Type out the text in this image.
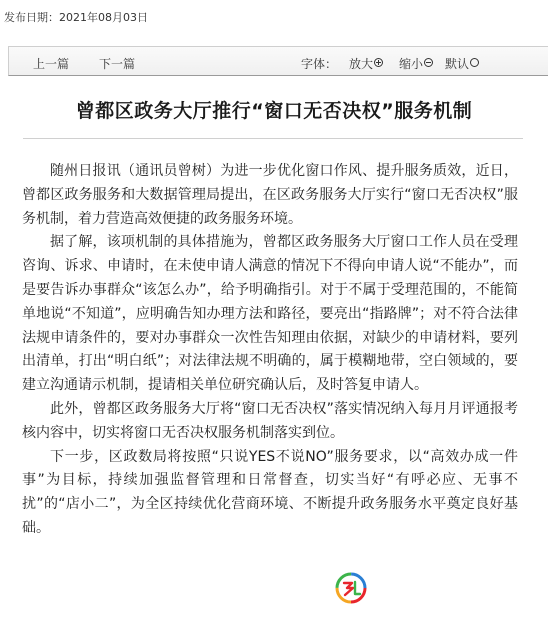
发布日期：2021年08月03日
上一篇 下一篇	字体： 放大	缩小	默认
曾都区政务大厅推行“窗口无否决权”服务机制

随州日报讯（通讯员曾树）为进一步优化窗口作风、提升服务质效，近日，曾都区政务服务和大数据管理局提出，在区政务服务大厅实行“窗口无否决权”服务机制，着力营造高效便捷的政务服务环境。

据了解，该项机制的具体措施为，曾都区政务服务大厅窗口工作人员在受理咨询、诉求、申请时，在未使申请人满意的情况下不得向申请人说“不能办”，而是要告诉办事群众“该怎么办”，给予明确指引。对于不属于受理范围的，不能简单地说“不知道”，应明确告知办理方法和路径，要亮出“指路牌”；对不符合法律法规申请条件的，要对办事群众一次性告知理由依据，对缺少的申请材料，要列出清单，打出“明白纸”；对法律法规不明确的，属于模糊地带，空白领域的，要建立沟通请示机制，提请相关单位研究确认后，及时答复申请人。

此外，曾都区政务服务大厅将“窗口无否决权”落实情况纳入每月月评通报考核内容中，切实将窗口无否决权服务机制落实到位。

下一步，区政数局将按照“只说YES不说NO”服务要求，以“高效办成一件事”为目标，持续加强监督管理和日常督查，切实当好“有呼必应、无事不扰”的“店小二”，为全区持续优化营商环境、不断提升政务服务水平奠定良好基础。
